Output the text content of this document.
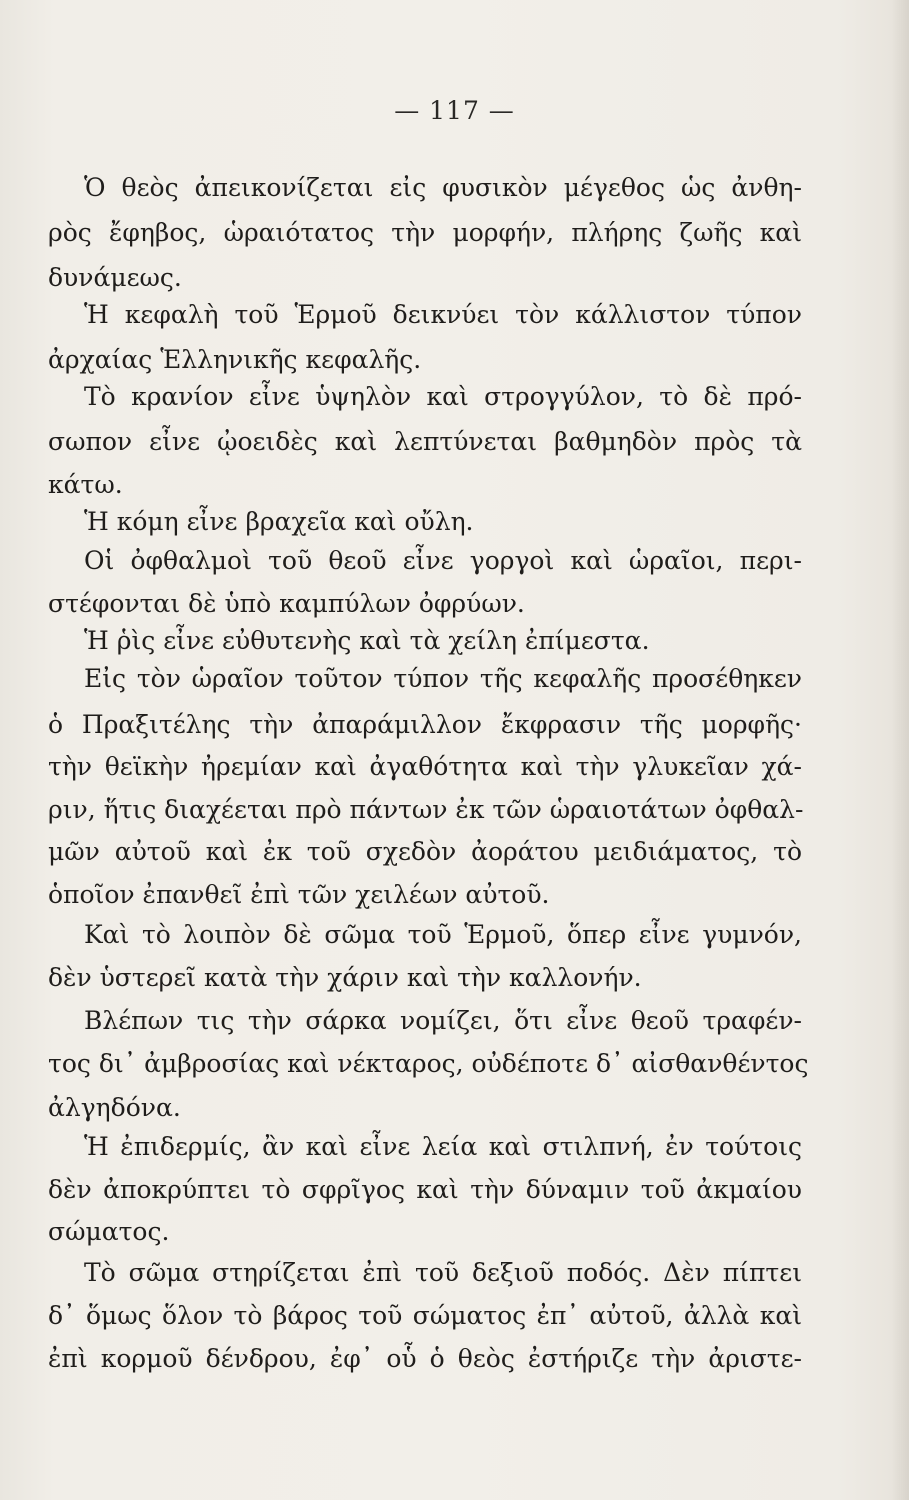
— 117 —
Ὁ θεὸς ἀπεικονίζεται εἰς φυσικὸν μέγεθος ὡς ἀνθη-
ρὸς ἔφηβος, ὡραιότατος τὴν μορφήν, πλήρης ζωῆς καὶ
δυνάμεως.
Ἡ κεφαλὴ τοῦ Ἑρμοῦ δεικνύει τὸν κάλλιστον τύπον
ἀρχαίας Ἑλληνικῆς κεφαλῆς.
Τὸ κρανίον εἶνε ὑψηλὸν καὶ στρογγύλον, τὸ δὲ πρό-
σωπον εἶνε ᾠοειδὲς καὶ λεπτύνεται βαθμηδὸν πρὸς τὰ
κάτω.
Ἡ κόμη εἶνε βραχεῖα καὶ οὔλη.
Οἱ ὀφθαλμοὶ τοῦ θεοῦ εἶνε γοργοὶ καὶ ὡραῖοι, περι-
στέφονται δὲ ὑπὸ καμπύλων ὀφρύων.
Ἡ ῥὶς εἶνε εὐθυτενὴς καὶ τὰ χείλη ἐπίμεστα.
Εἰς τὸν ὡραῖον τοῦτον τύπον τῆς κεφαλῆς προσέθηκεν
ὁ Πραξιτέλης τὴν ἀπαράμιλλον ἔκφρασιν τῆς μορφῆς·
τὴν θεϊκὴν ἠρεμίαν καὶ ἀγαθότητα καὶ τὴν γλυκεῖαν χά-
ριν, ἥτις διαχέεται πρὸ πάντων ἐκ τῶν ὡραιοτάτων ὀφθαλ-
μῶν αὐτοῦ καὶ ἐκ τοῦ σχεδὸν ἀοράτου μειδιάματος, τὸ
ὁποῖον ἐπανθεῖ ἐπὶ τῶν χειλέων αὐτοῦ.
Καὶ τὸ λοιπὸν δὲ σῶμα τοῦ Ἑρμοῦ, ὅπερ εἶνε γυμνόν,
δὲν ὑστερεῖ κατὰ τὴν χάριν καὶ τὴν καλλονήν.
Βλέπων τις τὴν σάρκα νομίζει, ὅτι εἶνε θεοῦ τραφέν-
τος δι᾽ ἀμβροσίας καὶ νέκταρος, οὐδέποτε δ᾽ αἰσθανθέντος
ἀλγηδόνα.
Ἡ ἐπιδερμίς, ἂν καὶ εἶνε λεία καὶ στιλπνή, ἐν τούτοις
δὲν ἀποκρύπτει τὸ σφρῖγος καὶ τὴν δύναμιν τοῦ ἀκμαίου
σώματος.
Τὸ σῶμα στηρίζεται ἐπὶ τοῦ δεξιοῦ ποδός. Δὲν πίπτει
δ᾽ ὅμως ὅλον τὸ βάρος τοῦ σώματος ἐπ᾽ αὐτοῦ, ἀλλὰ καὶ
ἐπὶ κορμοῦ δένδρου, ἐφ᾽ οὗ ὁ θεὸς ἐστήριζε τὴν ἀριστε-
